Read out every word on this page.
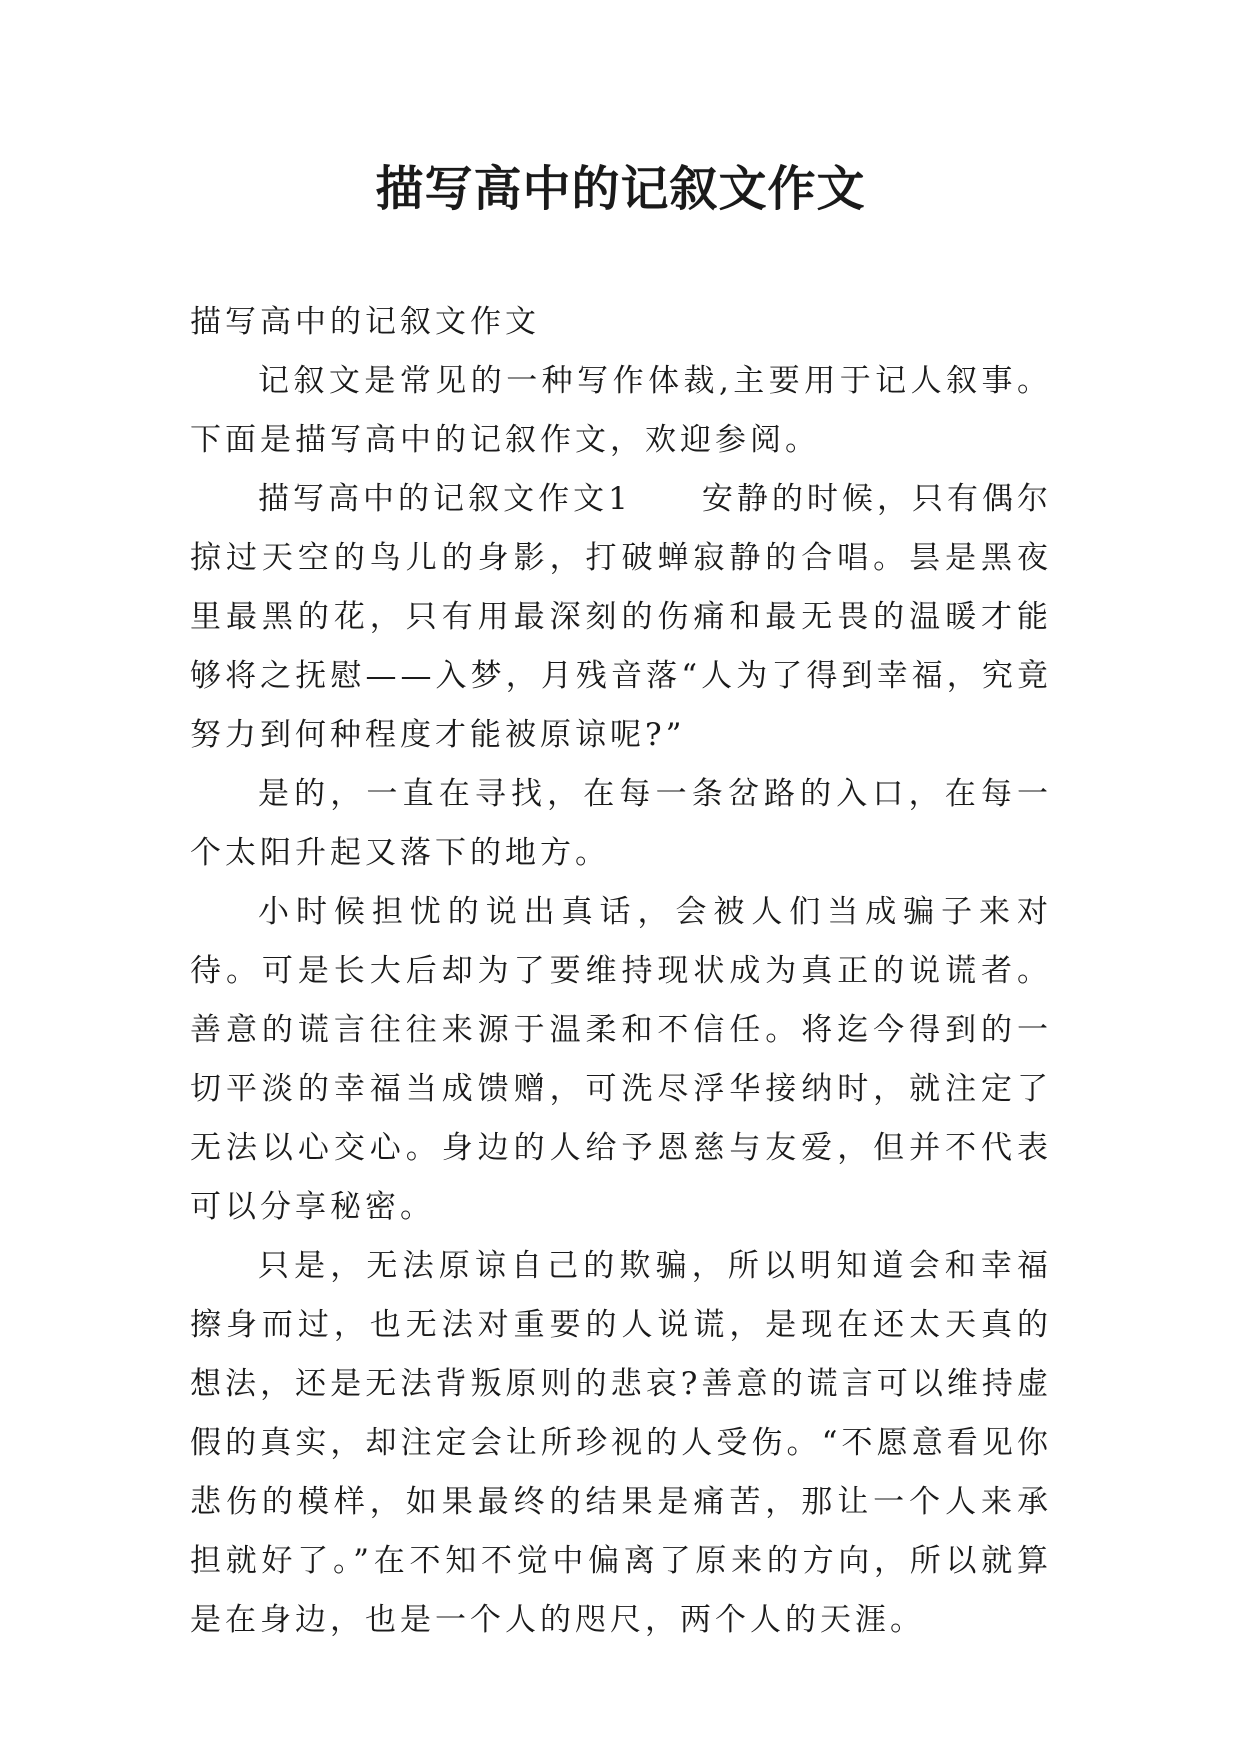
描写高中的记叙文作文

描写高中的记叙文作文

记叙文是常见的一种写作体裁,主要用于记人叙事。下面是描写高中的记叙作文，欢迎参阅。

描写高中的记叙文作文1　　安静的时候，只有偶尔掠过天空的鸟儿的身影，打破蝉寂静的合唱。昙是黑夜里最黑的花，只有用最深刻的伤痛和最无畏的温暖才能够将之抚慰——入梦，月残音落“人为了得到幸福，究竟努力到何种程度才能被原谅呢?”

是的，一直在寻找，在每一条岔路的入口，在每一个太阳升起又落下的地方。

小时候担忧的说出真话，会被人们当成骗子来对待。可是长大后却为了要维持现状成为真正的说谎者。善意的谎言往往来源于温柔和不信任。将迄今得到的一切平淡的幸福当成馈赠，可洗尽浮华接纳时，就注定了无法以心交心。身边的人给予恩慈与友爱，但并不代表可以分享秘密。

只是，无法原谅自己的欺骗，所以明知道会和幸福擦身而过，也无法对重要的人说谎，是现在还太天真的想法，还是无法背叛原则的悲哀?善意的谎言可以维持虚假的真实，却注定会让所珍视的人受伤。“不愿意看见你悲伤的模样，如果最终的结果是痛苦，那让一个人来承担就好了。”在不知不觉中偏离了原来的方向，所以就算是在身边，也是一个人的咫尺，两个人的天涯。
